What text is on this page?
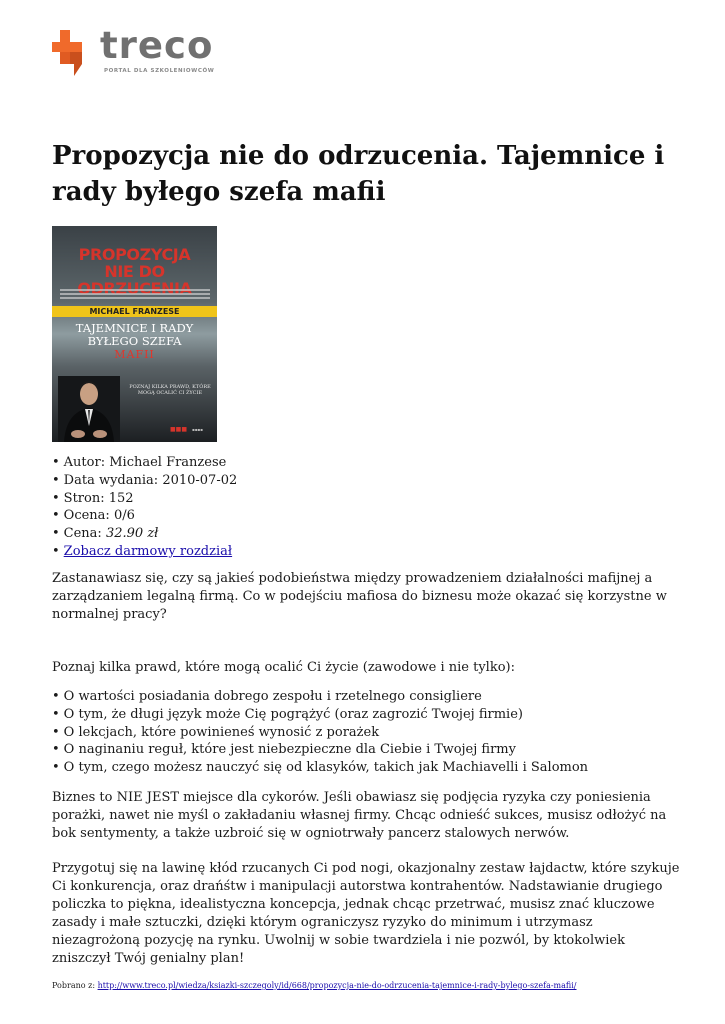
treco
PORTAL DLA SZKOLENIOWCÓW
Propozycja nie do odrzucenia. Tajemnice i rady byłego szefa mafii
PROPOZYCJA
NIE DO
MICHAEL FRANZESE
TAJEMNICE I RADY
BYŁEGO SZEFA
MAFII
POZNAJ KILKA PRAWD, KTÓRE MOGĄ OCALIĆ CI ŻYCIE
■■■ ▪▪▪▪
• Autor: Michael Franzese
• Data wydania: 2010-07-02
• Stron: 152
• Ocena: 0/6
• Cena: 32.90 zł
• Zobacz darmowy rozdział

Zastanawiasz się, czy są jakieś podobieństwa między prowadzeniem działalności mafijnej a zarządzaniem legalną firmą. Co w podejściu mafiosa do biznesu może okazać się korzystne w normalnej pracy?

Poznaj kilka prawd, które mogą ocalić Ci życie (zawodowe i nie tylko):

• O wartości posiadania dobrego zespołu i rzetelnego consigliere
• O tym, że długi język może Cię pogrążyć (oraz zagrozić Twojej firmie)
• O lekcjach, które powinieneś wynosić z porażek
• O naginaniu reguł, które jest niebezpieczne dla Ciebie i Twojej firmy
• O tym, czego możesz nauczyć się od klasyków, takich jak Machiavelli i Salomon

Biznes to NIE JEST miejsce dla cykorów. Jeśli obawiasz się podjęcia ryzyka czy poniesienia porażki, nawet nie myśl o zakładaniu własnej firmy. Chcąc odnieść sukces, musisz odłożyć na bok sentymenty, a także uzbroić się w ogniotrwały pancerz stalowych nerwów.

Przygotuj się na lawinę kłód rzucanych Ci pod nogi, okazjonalny zestaw łajdactw, które szykuje Ci konkurencja, oraz drańśtw i manipulacji autorstwa kontrahentów. Nadstawianie drugiego policzka to piękna, idealistyczna koncepcja, jednak chcąc przetrwać, musisz znać kluczowe zasady i małe sztuczki, dzięki którym ograniczysz ryzyko do minimum i utrzymasz niezagrożoną pozycję na rynku. Uwolnij w sobie twardziela i nie pozwól, by ktokolwiek zniszczył Twój genialny plan!

Pobrano z: http://www.treco.pl/wiedza/ksiazki-szczegoly/id/668/propozycja-nie-do-odrzucenia-tajemnice-i-rady-bylego-szefa-mafii/
